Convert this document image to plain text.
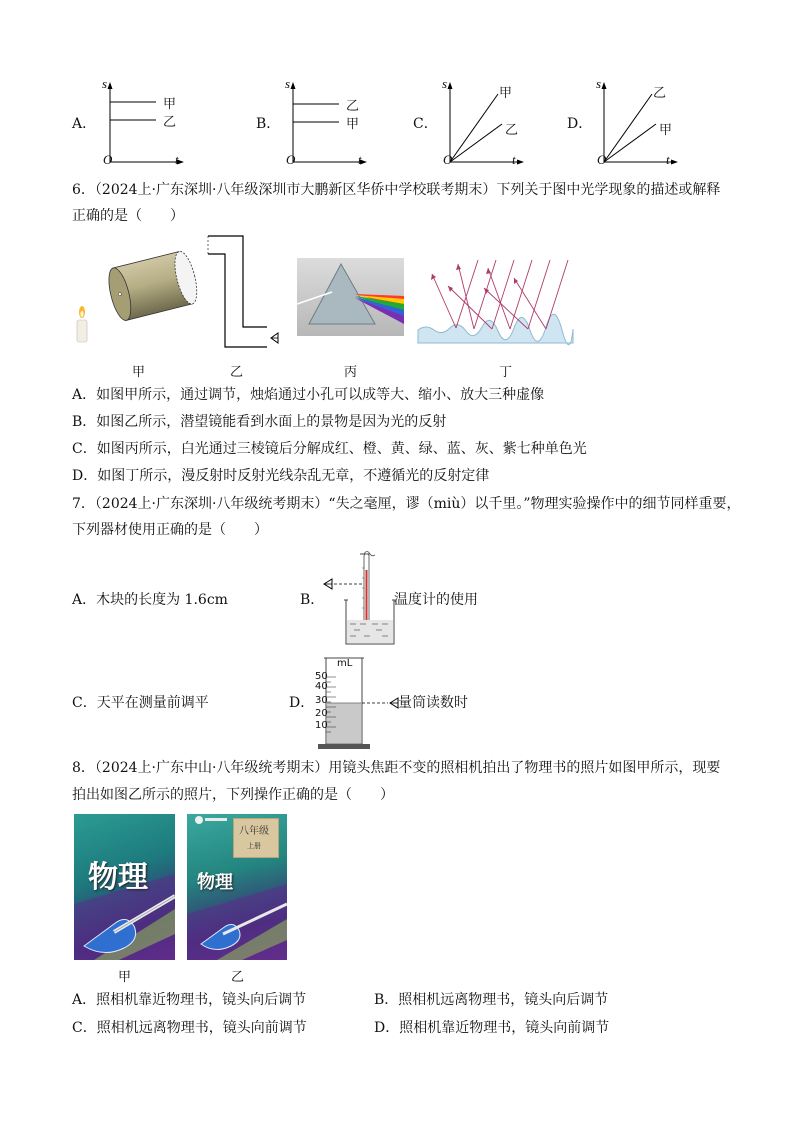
A．
s
O	t
甲
乙	B．
s
O	t
乙
甲	C．
s
O	t
甲
乙	D．
s
O	t
乙
甲
6．（2024上·广东深圳·八年级深圳市大鹏新区华侨中学校联考期末）下列关于图中光学现象的描述或解释
正确的是（　　）
甲	乙	丙	丁
A．如图甲所示，通过调节，烛焰通过小孔可以成等大、缩小、放大三种虚像
B．如图乙所示，潜望镜能看到水面上的景物是因为光的反射
C．如图丙所示，白光通过三棱镜后分解成红、橙、黄、绿、蓝、灰、紫七种单色光
D．如图丁所示，漫反射时反射光线杂乱无章，不遵循光的反射定律
7．（2024上·广东深圳·八年级统考期末）“失之毫厘，谬（miù）以千里。”物理实验操作中的细节同样重要，
下列器材使用正确的是（　　）
A．木块的长度为 1.6cm	B．	温度计的使用
C．天平在测量前调平	D．
mL
50
40
30
20
10
量筒读数时
8．（2024上·广东中山·八年级统考期末）用镜头焦距不变的照相机拍出了物理书的照片如图甲所示，现要
拍出如图乙所示的照片，下列操作正确的是（　　）
物理
八年级
上册
物理
甲	乙
A．照相机靠近物理书，镜头向后调节	B．照相机远离物理书，镜头向后调节
C．照相机远离物理书，镜头向前调节	D．照相机靠近物理书，镜头向前调节
